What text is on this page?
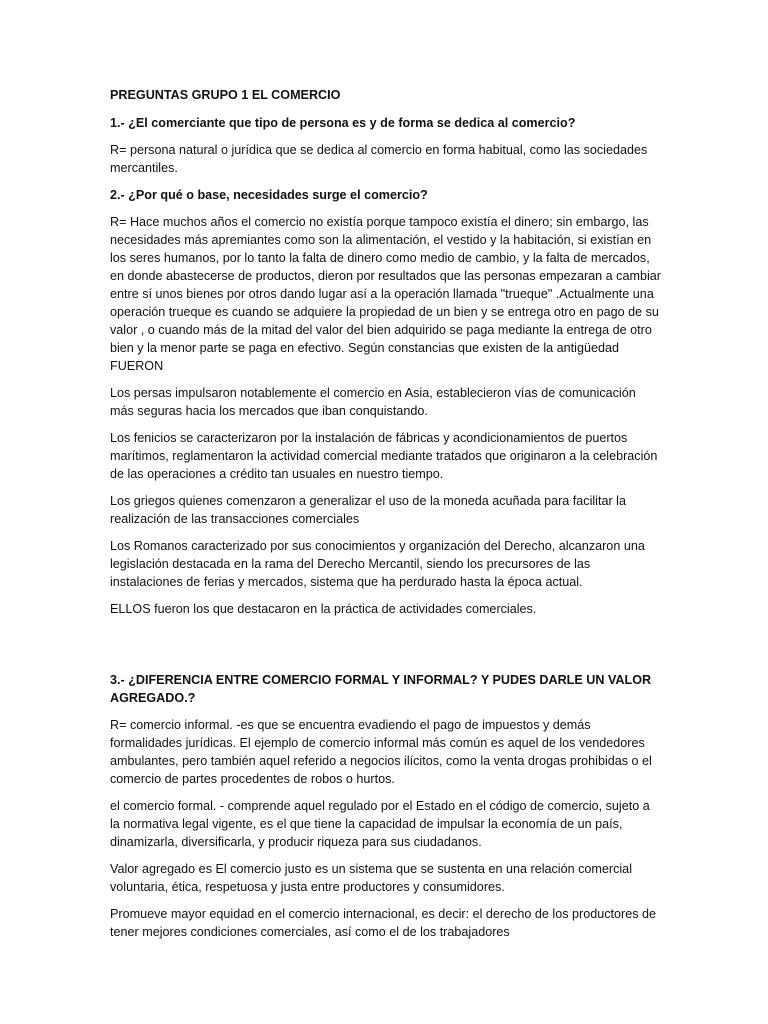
PREGUNTAS GRUPO 1 EL COMERCIO

1.- ¿El comerciante que tipo de persona es y de forma se dedica al comercio?

R= persona natural o jurídica que se dedica al comercio en forma habitual, como las sociedades mercantiles.

2.- ¿Por qué o base, necesidades surge el comercio?

R= Hace muchos años el comercio no existía porque tampoco existía el dinero; sin embargo, las necesidades más apremiantes como son la alimentación, el vestido y la habitación, si existían en los seres humanos, por lo tanto la falta de dinero como medio de cambio, y la falta de mercados, en donde abastecerse de productos, dieron por resultados que las personas empezaran a cambiar entre sí unos bienes por otros dando lugar así a la operación llamada "trueque" .Actualmente una operación trueque es cuando se adquiere la propiedad de un bien y se entrega otro en pago de su valor , o cuando más de la mitad del valor del bien adquirido se paga mediante la entrega de otro bien y la menor parte se paga en efectivo. Según constancias que existen de la antigüedad FUERON

Los persas impulsaron notablemente el comercio en Asia, establecieron vías de comunicación más seguras hacia los mercados que iban conquistando.

Los fenicios se caracterizaron por la instalación de fábricas y acondicionamientos de puertos marítimos, reglamentaron la actividad comercial mediante tratados que originaron a la celebración de las operaciones a crédito tan usuales en nuestro tiempo.

Los griegos quienes comenzaron a generalizar el uso de la moneda acuñada para facilitar la realización de las transacciones comerciales

Los Romanos caracterizado por sus conocimientos y organización del Derecho, alcanzaron una legislación destacada en la rama del Derecho Mercantil, siendo los precursores de las instalaciones de ferias y mercados, sistema que ha perdurado hasta la época actual.

ELLOS fueron los que destacaron en la práctica de actividades comerciales.

3.- ¿DIFERENCIA ENTRE COMERCIO FORMAL Y INFORMAL? Y PUDES DARLE UN VALOR AGREGADO.?

R= comercio informal. -es que se encuentra evadiendo el pago de impuestos y demás formalidades jurídicas. El ejemplo de comercio informal más común es aquel de los vendedores ambulantes, pero también aquel referido a negocios ilícitos, como la venta drogas prohibidas o el comercio de partes procedentes de robos o hurtos.

el comercio formal. - comprende aquel regulado por el Estado en el código de comercio, sujeto a la normativa legal vigente, es el que tiene la capacidad de impulsar la economía de un país, dinamizarla, diversificarla, y producir riqueza para sus ciudadanos.

Valor agregado es El comercio justo es un sistema que se sustenta en una relación comercial voluntaria, ética, respetuosa y justa entre productores y consumidores.

Promueve mayor equidad en el comercio internacional, es decir: el derecho de los productores de tener mejores condiciones comerciales, así como el de los trabajadores
